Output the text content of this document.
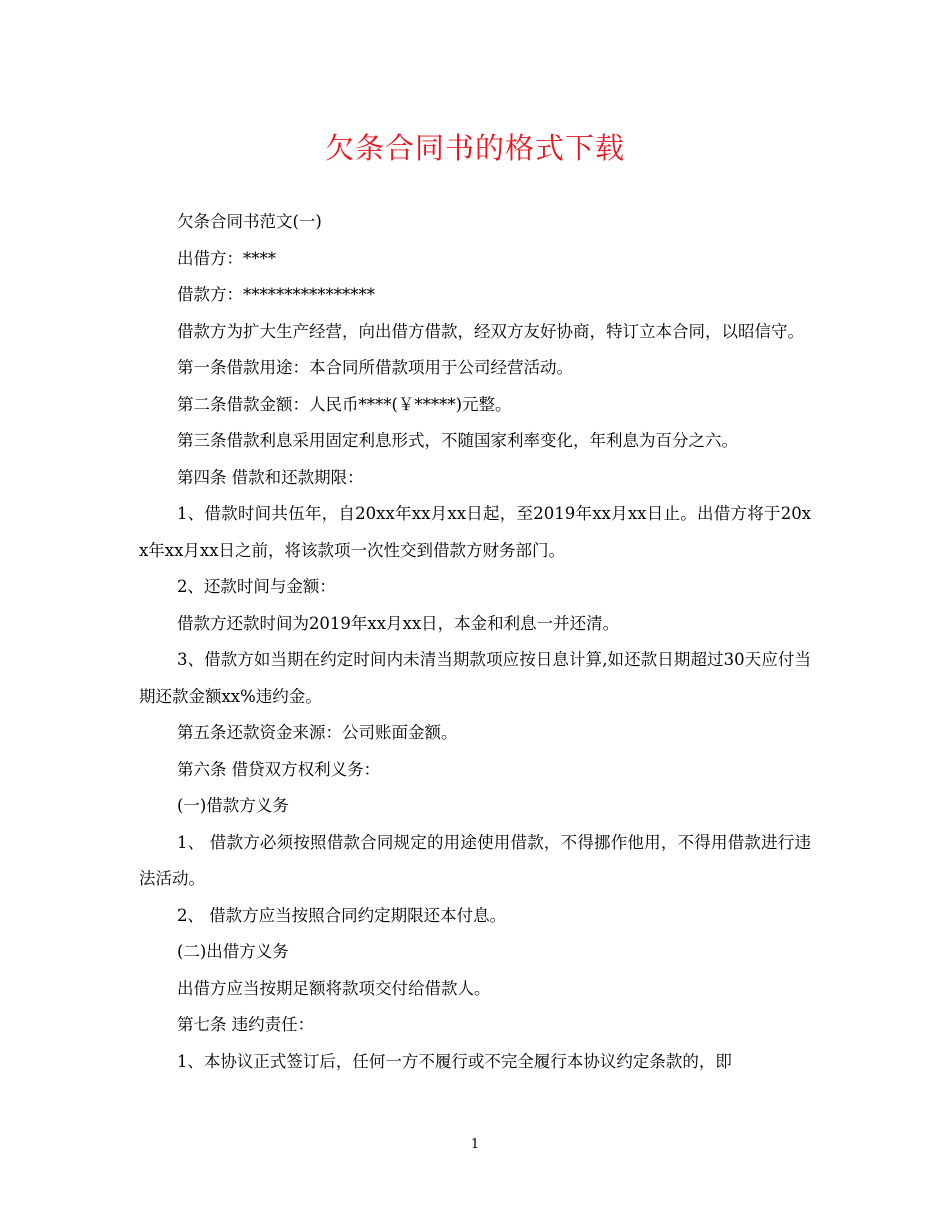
欠条合同书的格式下载

欠条合同书范文(一)

出借方：****

借款方：****************

借款方为扩大生产经营，向出借方借款，经双方友好协商，特订立本合同，以昭信守。

第一条借款用途：本合同所借款项用于公司经营活动。

第二条借款金额：人民币****(￥*****)元整。

第三条借款利息采用固定利息形式，不随国家利率变化，年利息为百分之六。

第四条 借款和还款期限：

1、借款时间共伍年，自20xx年xx月xx日起，至2019年xx月xx日止。出借方将于20xx年xx月xx日之前，将该款项一次性交到借款方财务部门。

2、还款时间与金额：

借款方还款时间为2019年xx月xx日，本金和利息一并还清。

3、借款方如当期在约定时间内未清当期款项应按日息计算,如还款日期超过30天应付当期还款金额xx%违约金。

第五条还款资金来源：公司账面金额。

第六条 借贷双方权利义务：

(一)借款方义务

1、 借款方必须按照借款合同规定的用途使用借款，不得挪作他用，不得用借款进行违法活动。

2、 借款方应当按照合同约定期限还本付息。

(二)出借方义务

出借方应当按期足额将款项交付给借款人。

第七条 违约责任：

1、本协议正式签订后，任何一方不履行或不完全履行本协议约定条款的，即

1
